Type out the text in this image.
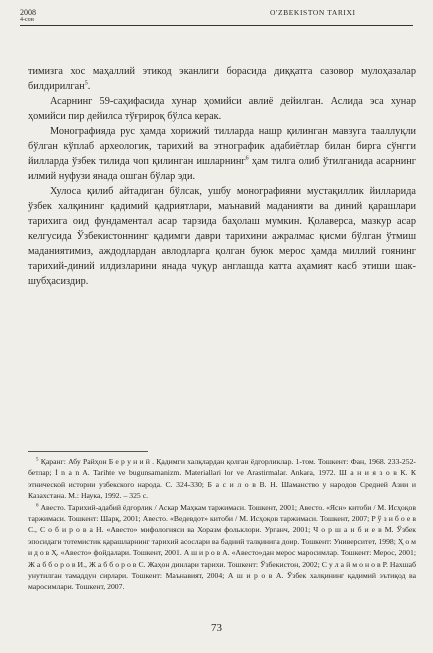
2008
4-сон
O'ZBEKISTON TARIXI

тимизга хос маҳаллий этикод эканлиги борасида диққатга сазовор мулоҳазалар билдирилган$^5$.

Асарнинг 59-саҳифасида хунар ҳомийси авлиё дейилган. Аслида эса хунар ҳомийси пир дейилса тўғрироқ бўлса керак.

Монографияда рус ҳамда хорижий тилларда нашр қилинган мавзуга тааллуқли бўлган кўплаб археологик, тарихий ва этнографик адабиётлар билан бирга сўнгги йилларда ўзбек тилида чоп қилинган ишларнинг$^6$ ҳам тилга олиб ўтилганида асарнинг илмий нуфузи янада ошган бўлар эди.

Хулоса қилиб айтадиган бўлсак, ушбу монографияни мустақиллик йилларида ўзбек халқининг қадимий қадриятлари, маънавий маданияти ва диний қарашлари тарихига оид фундаментал асар тарзида баҳолаш мумкин. Қолаверса, мазкур асар келгусида Ўзбекистоннинг қадимги даври тарихини ажралмас қисми бўлган ўтмиш маданиятимиз, аждодлардан авлодларга қолган буюк мерос ҳамда миллий гоянинг тарихий-диний илдизларини янада чуқур англашда катта аҳамият касб этиши шак-шубҳасиздир.

$^5$ Қаранг: Абу Райҳон Б е р у н и й . Қадимги халқлардан қолган ёдгорликлар. 1-том. Тошкент: Фан, 1968. 233-252-бетлар; İ n a n A. Tarihte ve bugunsamanizm. Materiallari lor ve Arastirmalar. Ankara, 1972. Ш а н и я з о в К. К этнической истории узбекского народа. С. 324-330; Б а с и л о в В. Н. Шаманство у народов Средней Азии и Казахстана. М.: Наука, 1992. – 325 с.

$^6$ Авесто. Тарихий-адабий ёдгорлик / Аскар Маҳкам таржимаси. Тошкент, 2001; Авесто. «Ясн» китоби / М. Исҳоқов таржимаси. Тошкент: Шарқ, 2001; Авесто. «Ведевдот» китоби / М. Исҳоқов таржимаси. Тошкент, 2007; Р ў з и б о е в С., С о б и р о в а Н. «Авесто» мифологияси ва Хоразм фольклори. Урганч, 2001; Ч о р ш а н б и е в М. Ўзбек эпосидаги тотемистик қарашларнинг тарихий асослари ва бадиий талқинига доир. Тошкент: Университет, 1998; Ҳ о м и д о в Ҳ. «Авесто» фойдалари. Тошкент, 2001. А ш и р о в А. «Авесто»дан мерос маросимлар. Тошкент: Мерос, 2001; Ж а б б о р о в И., Ж а б б о р о в С. Жаҳон динлари тарихи. Тошкент: Ўзбекистон, 2002; С у л а й м о н о в Р. Нахшаб унутилган тамаддун сирлари. Тошкент: Маънавият, 2004; А ш и р о в А. Ўзбек халқининг қадимий эътиқод ва маросимлари. Тошкент, 2007.

73
